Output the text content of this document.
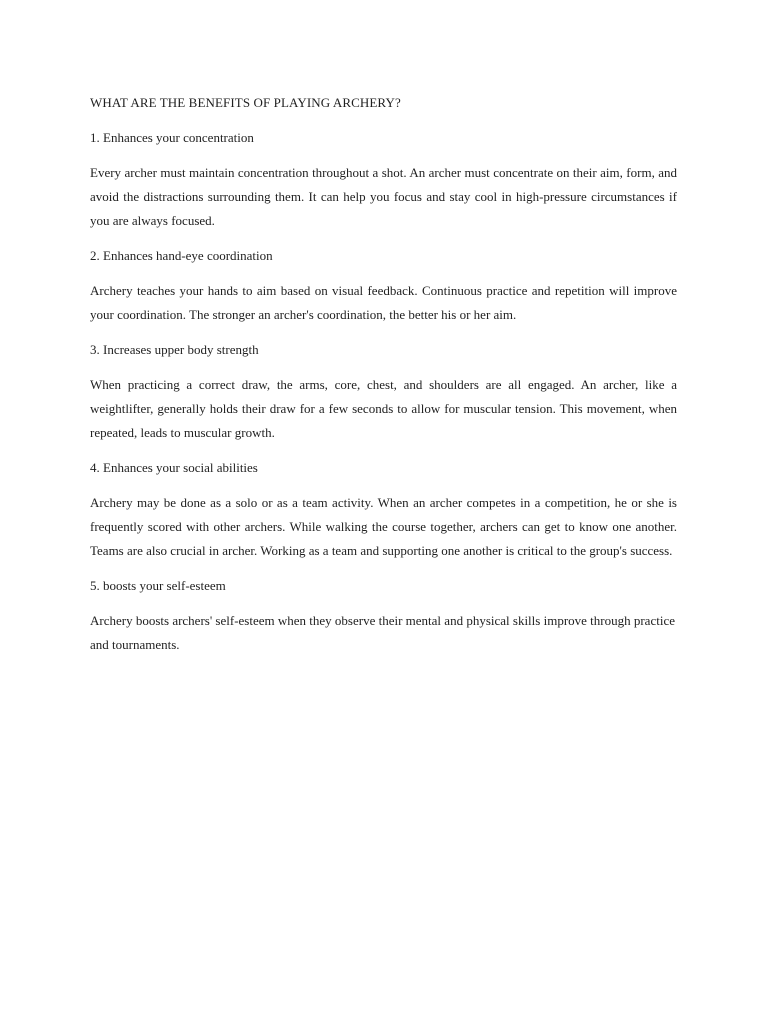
WHAT ARE THE BENEFITS OF PLAYING ARCHERY?

1. Enhances your concentration

Every archer must maintain concentration throughout a shot. An archer must concentrate on their aim, form, and avoid the distractions surrounding them. It can help you focus and stay cool in high-pressure circumstances if you are always focused.

2. Enhances hand-eye coordination

Archery teaches your hands to aim based on visual feedback. Continuous practice and repetition will improve your coordination. The stronger an archer's coordination, the better his or her aim.

3. Increases upper body strength

When practicing a correct draw, the arms, core, chest, and shoulders are all engaged. An archer, like a weightlifter, generally holds their draw for a few seconds to allow for muscular tension. This movement, when repeated, leads to muscular growth.

4. Enhances your social abilities

Archery may be done as a solo or as a team activity. When an archer competes in a competition, he or she is frequently scored with other archers. While walking the course together, archers can get to know one another. Teams are also crucial in archer. Working as a team and supporting one another is critical to the group's success.

5. boosts your self-esteem

Archery boosts archers' self-esteem when they observe their mental and physical skills improve through practice and tournaments.
